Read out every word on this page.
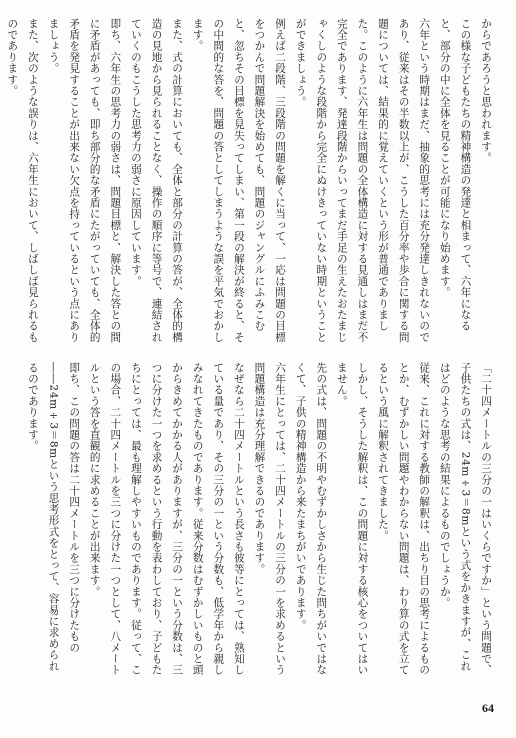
からであろうと思われます。

この様な子どもたちの精神構造の発達と相まって、六年になると、部分の中に全体を見ることが可能になり始めます。

六年という時期はまだ、抽象的思考には充分発達しきれないのであり、従来はその半数以上が、こうした百分率や歩合に関する問題については、結果的に覚えていくという形が普通でありました。このように六年生は問題の全体構造に対する見通しはまだ不完全であります、発達段階からいってまだ手足の生えたおたまじゃくしのような段階から完全にぬけきっていない時期ということができましょう。

例えば二段階、三段階の問題を解くに当って、一応は問題の目標をつかんで問題解決を始めても、問題のジャングルにふみこむと、忽ちその目標を見失ってしまい、第一段の解決が終ると、その中間的な答を、問題の答としてしまうような誤を平気でおかします。

また、式の計算においても、全体と部分の計算の答が、全体的構造の見地から見られることなく、操作の順序に等号で、連結されていくのもこうした思考力の弱さに原因しています。

即ち、六年生の思考力の弱さは、問題目標と、解決した答との間に矛盾があっても、即ち部分的な矛盾にたがっていても、全体的矛盾を発見することが出来ない欠点を持っているという点にありましょう。

また、次のような誤りは、六年生において、しばしば見られるものであります。

「二十四メートルの三分の一はいくらですか」という問題で、子供たちの式は、24m÷3＝8mという式をかきますが、これはどのような思考の結果によるものでしょうか。

従来、これに対する教師の解釈は、出ちり目の思考によるものとか、むずかしい問題やわからない問題は、わり算の式を立てるという風に解釈されてきました。

しかし、そうした解釈は、この問題に対する核心をついてはいません。

先の式は、問題の不明やむずかしさから生じた問ちがいではなくて、子供の精神構造から来たまちがいであります。

六年生にとっては、二十四メートルの三分の一を求めるという問題構造は充分理解できるのであります。

なぜなら二十四メートルという長さも彼等にとっては、熟知している量であり、その三分の一という分数も、低学年から親しみなれてきたものであります。従来分数はむずかしいものと頭からきめてかかる人がありますが、三分の一という分数は、三つに分けた一つを求めるという行動を表わしており、子どもたちにとっては、最も理解しやすいものであります。従って、この場合、二十四メートルを三つに分けた一つとして、八メートルという答を直観的に求めることが出来ます。

即ち、この問題の答は二十四メートルを三つに分けたもの――24m÷3＝8mという思考形式をとって、容易に求められるのであります。

64
